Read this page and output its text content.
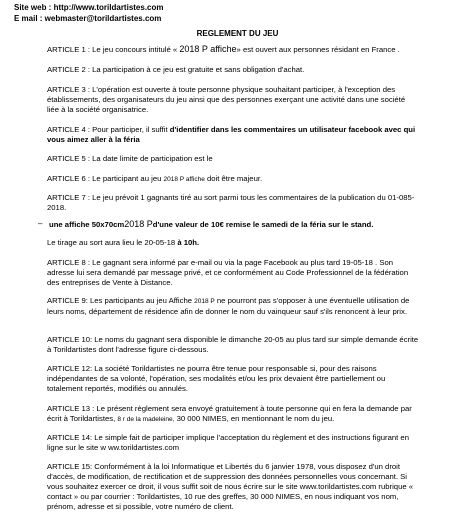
Site web : http://www.torildartistes.com
E mail : webmaster@torildartistes.com
REGLEMENT DU JEU

ARTICLE 1 : Le jeu concours intitulé « 2018 P affiche» est ouvert aux personnes résidant en France .

ARTICLE 2 : La participation à ce jeu est gratuite et sans obligation d'achat.

ARTICLE 3 : L'opération est ouverte à toute personne physique souhaitant participer, à l'exception des établissements, des organisateurs du jeu ainsi que des personnes exerçant une activité dans une société liée à la société organisatrice.

ARTICLE 4 : Pour participer, il suffit d'identifier dans les commentaires un utilisateur facebook avec qui vous aimez aller à la féria

ARTICLE 5 : La date limite de participation est le

ARTICLE 6 : Le participant au jeu 2018 P affiche doit être majeur.

ARTICLE 7 : Le jeu prévoit 1 gagnants tiré au sort parmi tous les commentaires de la publication du 01-085-2018.

– une affiche 50x70cm2018 Pd'une valeur de 10€ remise le samedi de la féria sur le stand.

Le tirage au sort aura lieu le 20-05-18 à 10h.

ARTICLE 8 : Le gagnant sera informé par e-mail ou via la page Facebook au plus tard 19-05-18 . Son adresse lui sera demandé par message privé, et ce conformément au Code Professionnel de la fédération des entreprises de Vente à Distance.

ARTICLE 9: Les participants au jeu Affiche 2018 P ne pourront pas s'opposer à une éventuelle utilisation de leurs noms, département de résidence afin de donner le nom du vainqueur sauf s'ils renoncent à leur prix.

ARTICLE 10: Le noms du gagnant sera disponible le dimanche 20-05 au plus tard sur simple demande écrite à Torildartistes dont l'adresse figure ci-dessous.

ARTICLE 12: La société Torildartistes ne pourra être tenue pour responsable si, pour des raisons indépendantes de sa volonté, l'opération, ses modalités et/ou les prix devaient être partiellement ou totalement reportés, modifiés ou annulés.

ARTICLE 13 : Le présent règlement sera envoyé gratuitement à toute personne qui en fera la demande par écrit à Torildartistes, 8 r de la madeleine, 30 000 NIMES, en mentionnant le nom du jeu.

ARTICLE 14: Le simple fait de participer implique l'acceptation du règlement et des instructions figurant en ligne sur le site w ww.torildartistes.com

ARTICLE 15: Conformément à la loi Informatique et Libertés du 6 janvier 1978, vous disposez d'un droit d'accès, de modification, de rectification et de suppression des données personnelles vous concernant. Si vous souhaitez exercer ce droit, il vous suffit soit de nous écrire sur le site www.torildartistes.com rubrique « contact » ou par courrier : Torildartistes, 10 rue des greffes, 30 000 NIMES, en nous indiquant vos nom, prénom, adresse et si possible, votre numéro de client.
